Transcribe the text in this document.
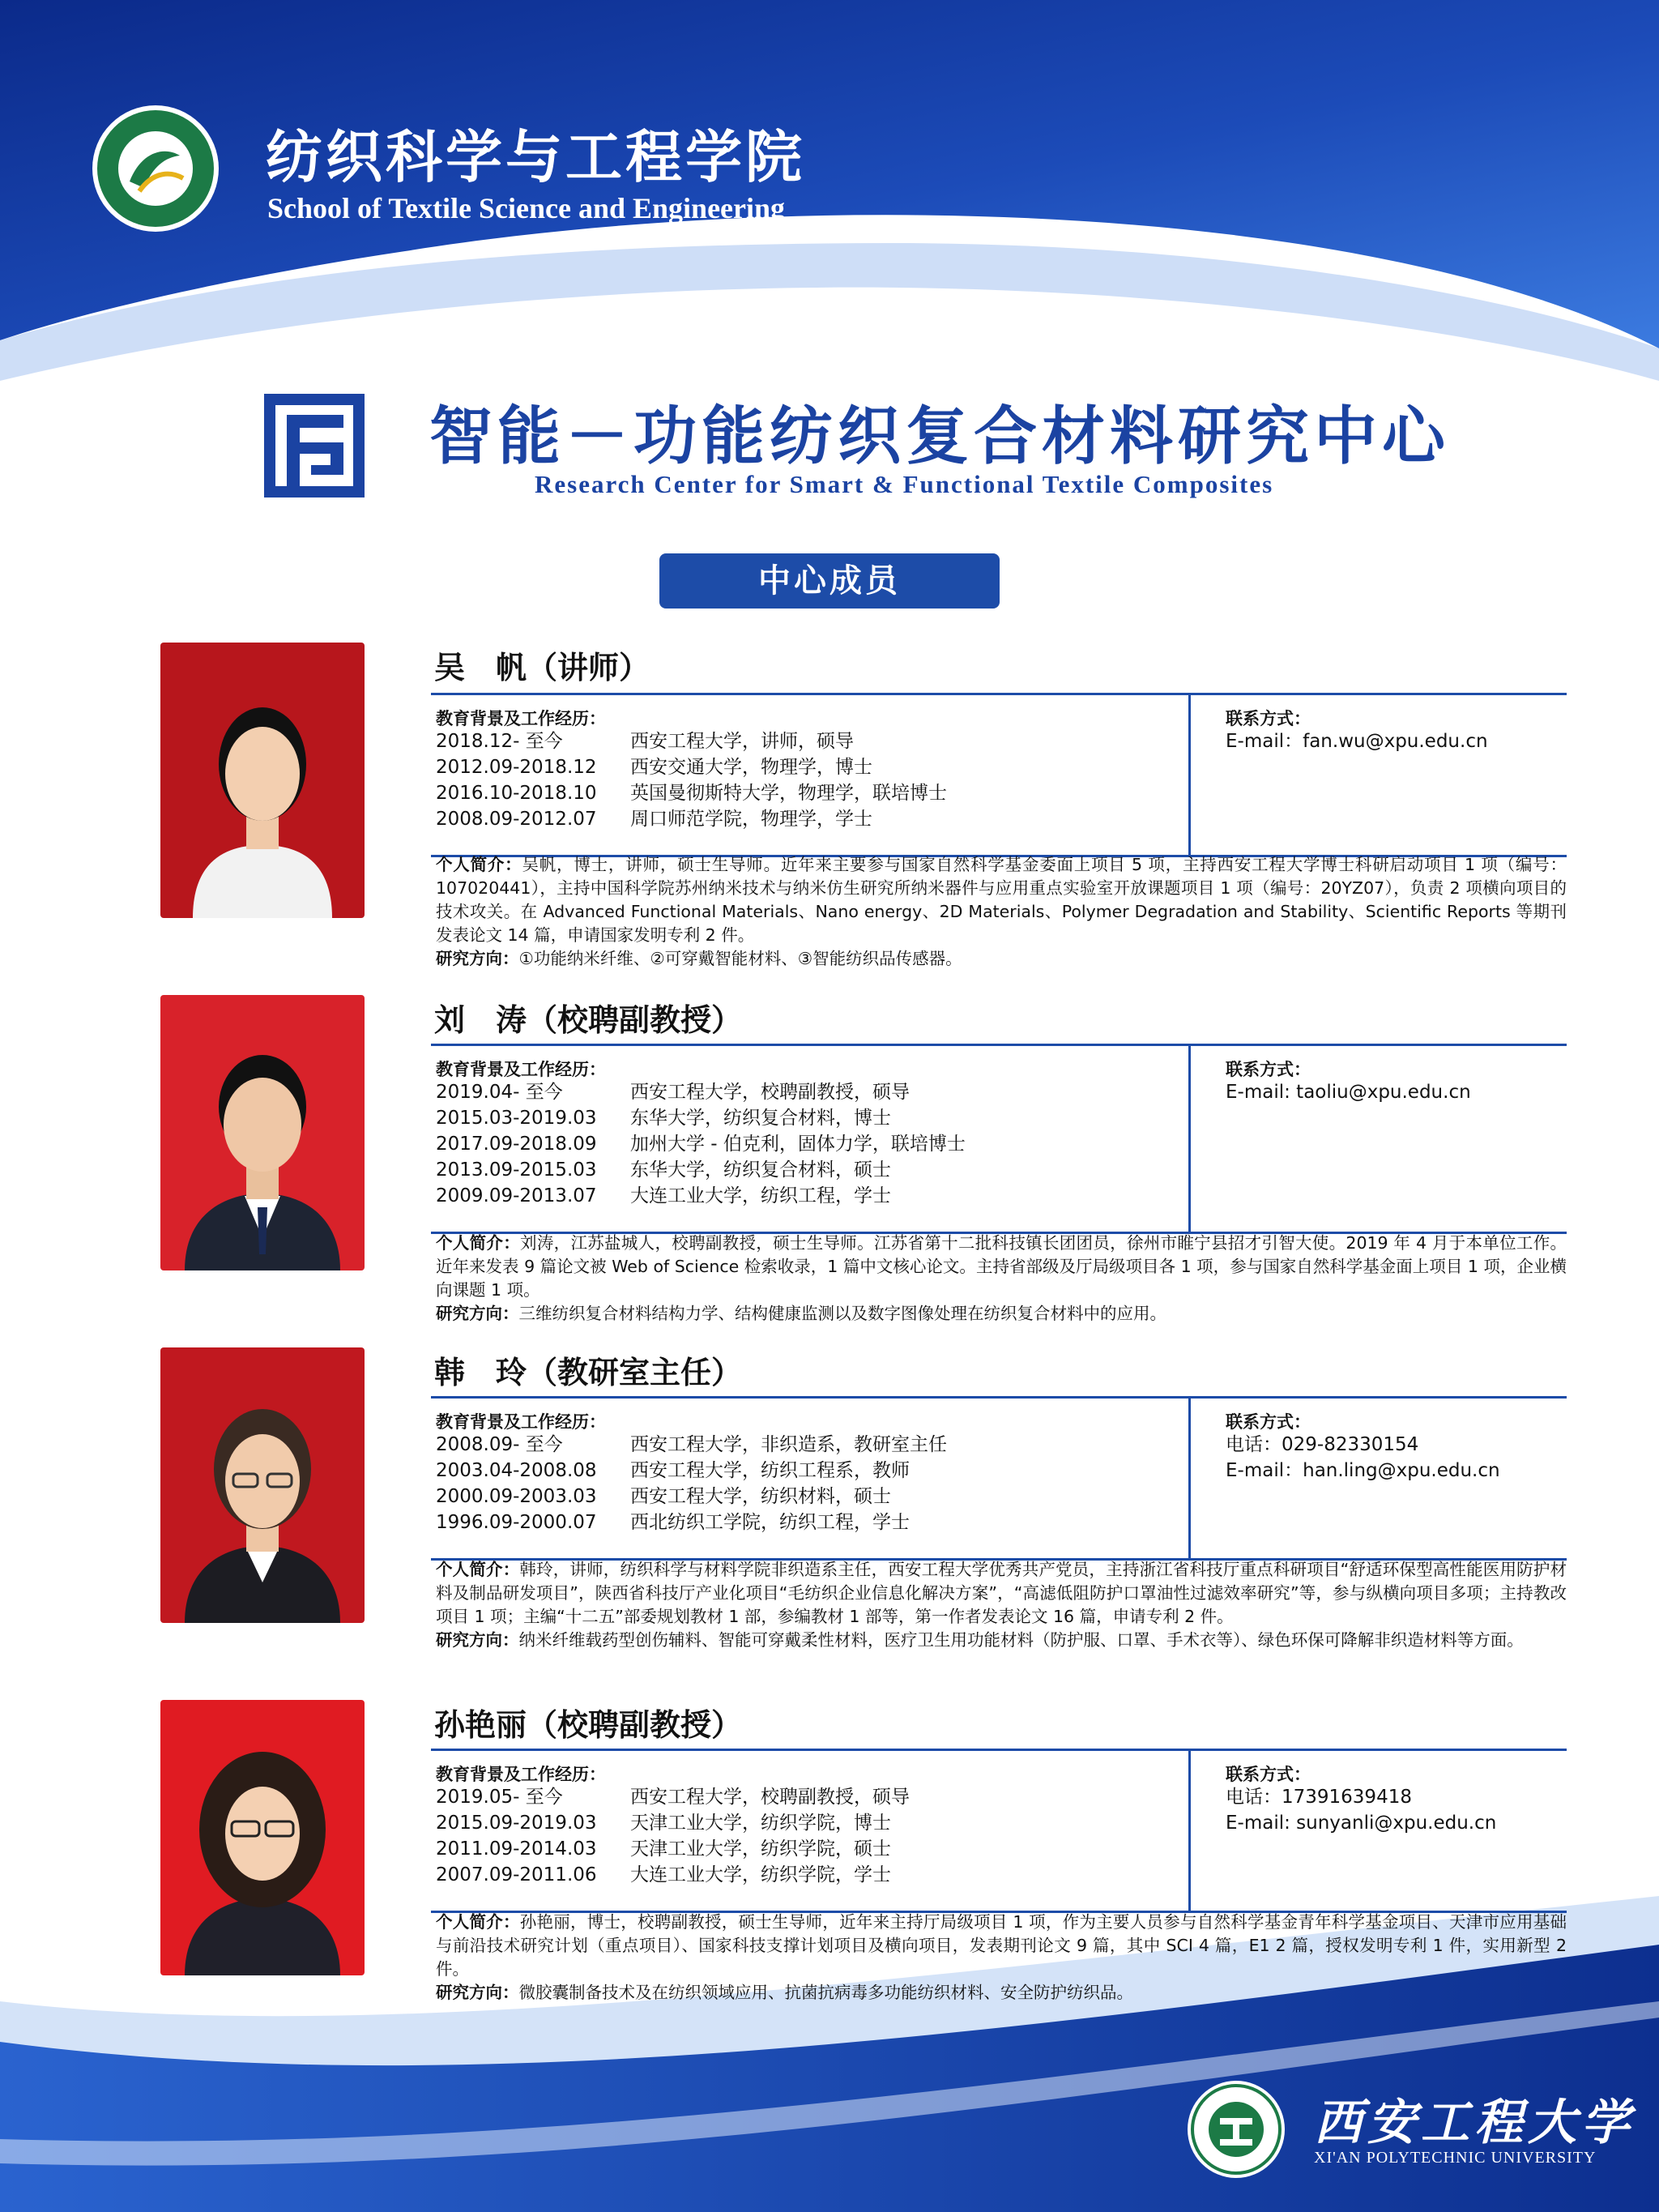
纺织科学与工程学院
School of Textile Science and Engineering
智能－功能纺织复合材料研究中心
Research Center for Smart & Functional Textile Composites
中心成员
吴　帆（讲师）
教育背景及工作经历：
2018.12- 至今	西安工程大学，讲师，硕导
2012.09-2018.12 西安交通大学，物理学，博士
2016.10-2018.10 英国曼彻斯特大学，物理学，联培博士
2008.09-2012.07 周口师范学院，物理学，学士
联系方式：
E-mail：fan.wu@xpu.edu.cn
个人简介：吴帆，博士，讲师，硕士生导师。近年来主要参与国家自然科学基金委面上项目 5 项，主持西安工程大学博士科研启动项目 1 项（编号：107020441），主持中国科学院苏州纳米技术与纳米仿生研究所纳米器件与应用重点实验室开放课题项目 1 项（编号：20YZ07），负责 2 项横向项目的技术攻关。在 Advanced Functional Materials、Nano energy、2D Materials、Polymer Degradation and Stability、Scientific Reports 等期刊发表论文 14 篇，申请国家发明专利 2 件。
研究方向：①功能纳米纤维、②可穿戴智能材料、③智能纺织品传感器。
刘　涛（校聘副教授）
教育背景及工作经历：
2019.04- 至今	西安工程大学，校聘副教授，硕导
2015.03-2019.03 东华大学，纺织复合材料，博士
2017.09-2018.09 加州大学 - 伯克利，固体力学，联培博士
2013.09-2015.03 东华大学，纺织复合材料，硕士
2009.09-2013.07 大连工业大学，纺织工程，学士
联系方式：
E-mail: taoliu@xpu.edu.cn
个人简介：刘涛，江苏盐城人，校聘副教授，硕士生导师。江苏省第十二批科技镇长团团员，徐州市睢宁县招才引智大使。2019 年 4 月于本单位工作。近年来发表 9 篇论文被 Web of Science 检索收录，1 篇中文核心论文。主持省部级及厅局级项目各 1 项，参与国家自然科学基金面上项目 1 项，企业横向课题 1 项。
研究方向：三维纺织复合材料结构力学、结构健康监测以及数字图像处理在纺织复合材料中的应用。
韩　玲（教研室主任）
教育背景及工作经历：
2008.09- 至今	西安工程大学，非织造系，教研室主任
2003.04-2008.08 西安工程大学，纺织工程系，教师
2000.09-2003.03 西安工程大学，纺织材料，硕士
1996.09-2000.07 西北纺织工学院，纺织工程，学士
联系方式：
电话：029-82330154
E-mail：han.ling@xpu.edu.cn
个人简介：韩玲，讲师，纺织科学与材料学院非织造系主任，西安工程大学优秀共产党员，主持浙江省科技厅重点科研项目“舒适环保型高性能医用防护材料及制品研发项目”，陕西省科技厅产业化项目“毛纺织企业信息化解决方案”，“高滤低阻防护口罩油性过滤效率研究”等，参与纵横向项目多项；主持教改项目 1 项；主编“十二五”部委规划教材 1 部，参编教材 1 部等，第一作者发表论文 16 篇，申请专利 2 件。
研究方向：纳米纤维载药型创伤辅料、智能可穿戴柔性材料，医疗卫生用功能材料（防护服、口罩、手术衣等）、绿色环保可降解非织造材料等方面。
孙艳丽（校聘副教授）
教育背景及工作经历：
2019.05- 至今	西安工程大学，校聘副教授，硕导
2015.09-2019.03 天津工业大学，纺织学院，博士
2011.09-2014.03 天津工业大学，纺织学院，硕士
2007.09-2011.06 大连工业大学，纺织学院，学士
联系方式：
电话：17391639418
E-mail: sunyanli@xpu.edu.cn
个人简介：孙艳丽，博士，校聘副教授，硕士生导师，近年来主持厅局级项目 1 项，作为主要人员参与自然科学基金青年科学基金项目、天津市应用基础与前沿技术研究计划（重点项目）、国家科技支撑计划项目及横向项目，发表期刊论文 9 篇，其中 SCI 4 篇，E1 2 篇，授权发明专利 1 件，实用新型 2 件。
研究方向：微胶囊制备技术及在纺织领域应用、抗菌抗病毒多功能纺织材料、安全防护纺织品。
西安工程大学
XI'AN POLYTECHNIC UNIVERSITY
